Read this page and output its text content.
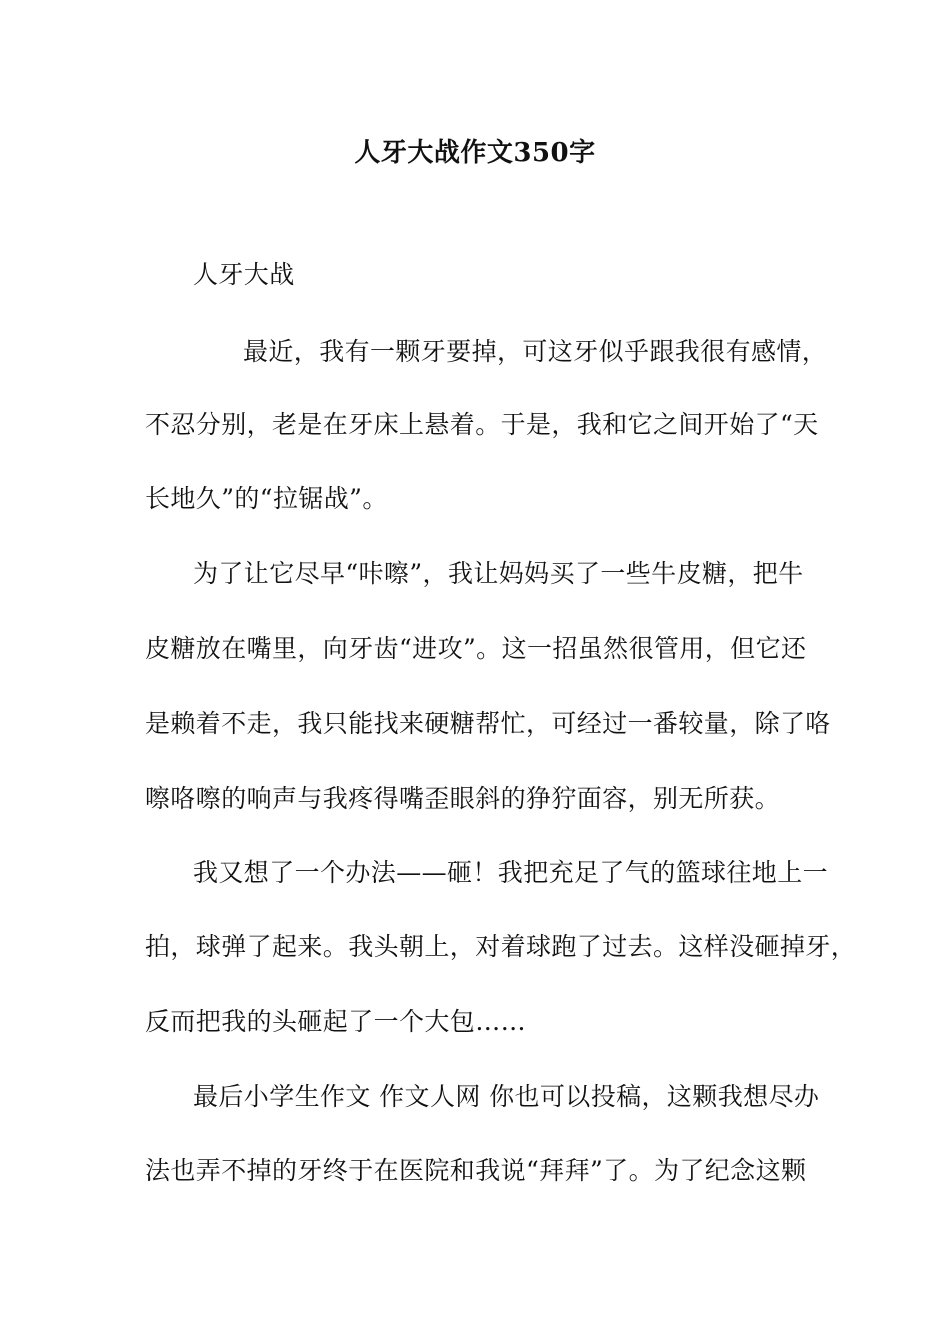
人牙大战作文350字
人牙大战
最近，我有一颗牙要掉，可这牙似乎跟我很有感情，
不忍分别，老是在牙床上悬着。于是，我和它之间开始了“天
长地久”的“拉锯战”。
为了让它尽早“咔嚓”，我让妈妈买了一些牛皮糖，把牛
皮糖放在嘴里，向牙齿“进攻”。这一招虽然很管用，但它还
是赖着不走，我只能找来硬糖帮忙，可经过一番较量，除了咯
嚓咯嚓的响声与我疼得嘴歪眼斜的狰狞面容，别无所获。
我又想了一个办法——砸！我把充足了气的篮球往地上一
拍，球弹了起来。我头朝上，对着球跑了过去。这样没砸掉牙，
反而把我的头砸起了一个大包……
最后小学生作文 作文人网 你也可以投稿，这颗我想尽办
法也弄不掉的牙终于在医院和我说“拜拜”了。为了纪念这颗
